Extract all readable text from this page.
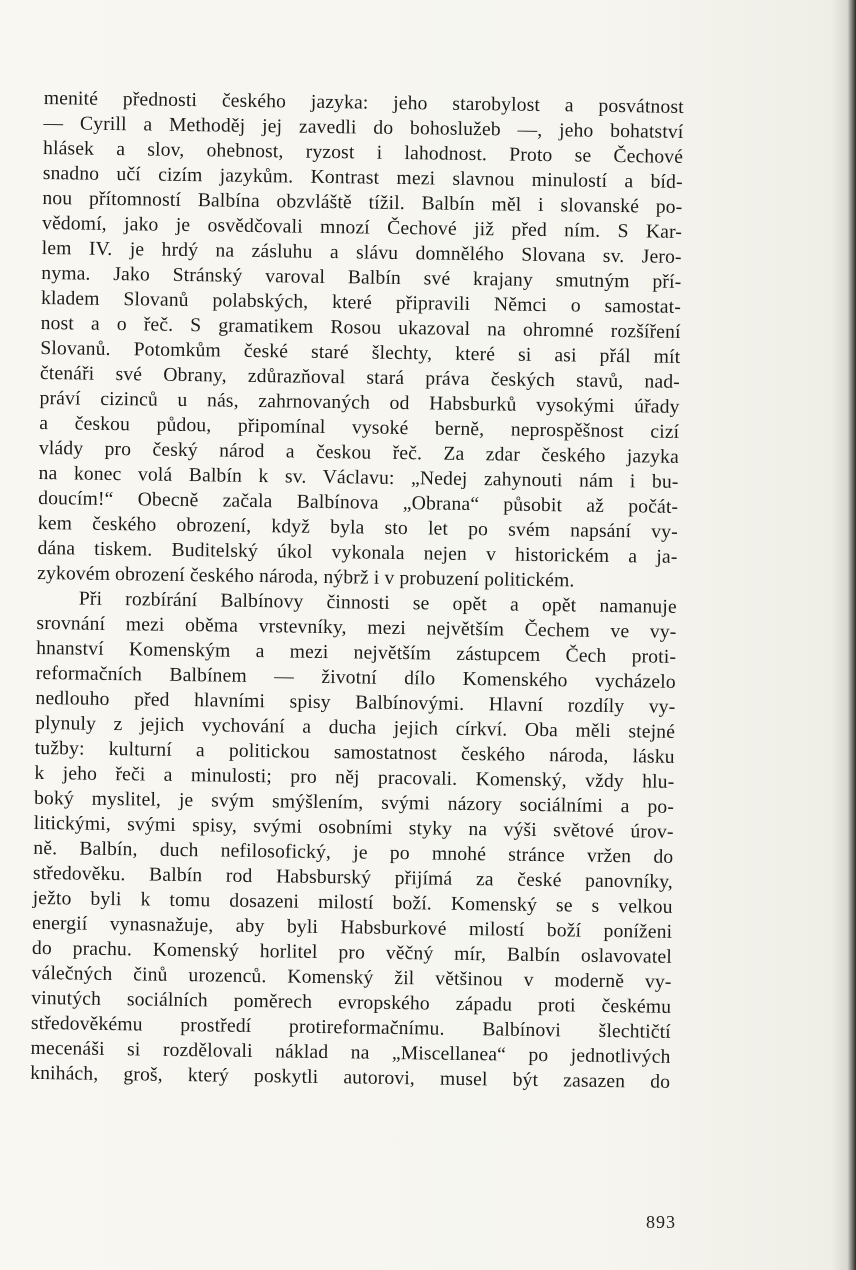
menité přednosti českého jazyka: jeho starobylost a posvátnost
— Cyrill a Methoděj jej zavedli do bohoslužeb —, jeho bohatství
hlásek a slov, ohebnost, ryzost i lahodnost. Proto se Čechové
snadno učí cizím jazykům. Kontrast mezi slavnou minulostí a bíd-
nou přítomností Balbína obzvláště tížil. Balbín měl i slovanské po-
vědomí, jako je osvědčovali mnozí Čechové již před ním. S Kar-
lem IV. je hrdý na zásluhu a slávu domnělého Slovana sv. Jero-
nyma. Jako Stránský varoval Balbín své krajany smutným pří-
kladem Slovanů polabských, které připravili Němci o samostat-
nost a o řeč. S gramatikem Rosou ukazoval na ohromné rozšíření
Slovanů. Potomkům české staré šlechty, které si asi přál mít
čtenáři své Obrany, zdůrazňoval stará práva českých stavů, nad-
práví cizinců u nás, zahrnovaných od Habsburků vysokými úřady
a českou půdou, připomínal vysoké berně, neprospěšnost cizí
vlády pro český národ a českou řeč. Za zdar českého jazyka
na konec volá Balbín k sv. Václavu: „Nedej zahynouti nám i bu-
doucím!“ Obecně začala Balbínova „Obrana“ působit až počát-
kem českého obrození, když byla sto let po svém napsání vy-
dána tiskem. Buditelský úkol vykonala nejen v historickém a ja-
zykovém obrození českého národa, nýbrž i v probuzení politickém.
Při rozbírání Balbínovy činnosti se opět a opět namanuje
srovnání mezi oběma vrstevníky, mezi největším Čechem ve vy-
hnanství Komenským a mezi největším zástupcem Čech proti-
reformačních Balbínem — životní dílo Komenského vycházelo
nedlouho před hlavními spisy Balbínovými. Hlavní rozdíly vy-
plynuly z jejich vychování a ducha jejich církví. Oba měli stejné
tužby: kulturní a politickou samostatnost českého národa, lásku
k jeho řeči a minulosti; pro něj pracovali. Komenský, vždy hlu-
boký myslitel, je svým smýšlením, svými názory sociálními a po-
litickými, svými spisy, svými osobními styky na výši světové úrov-
ně. Balbín, duch nefilosofický, je po mnohé stránce vržen do
středověku. Balbín rod Habsburský přijímá za české panovníky,
ježto byli k tomu dosazeni milostí boží. Komenský se s velkou
energií vynasnažuje, aby byli Habsburkové milostí boží poníženi
do prachu. Komenský horlitel pro věčný mír, Balbín oslavovatel
válečných činů urozenců. Komenský žil většinou v moderně vy-
vinutých sociálních poměrech evropského západu proti českému
středověkému prostředí protireformačnímu. Balbínovi šlechtičtí
mecenáši si rozdělovali náklad na „Miscellanea“ po jednotlivých
knihách, groš, který poskytli autorovi, musel být zasazen do
893
